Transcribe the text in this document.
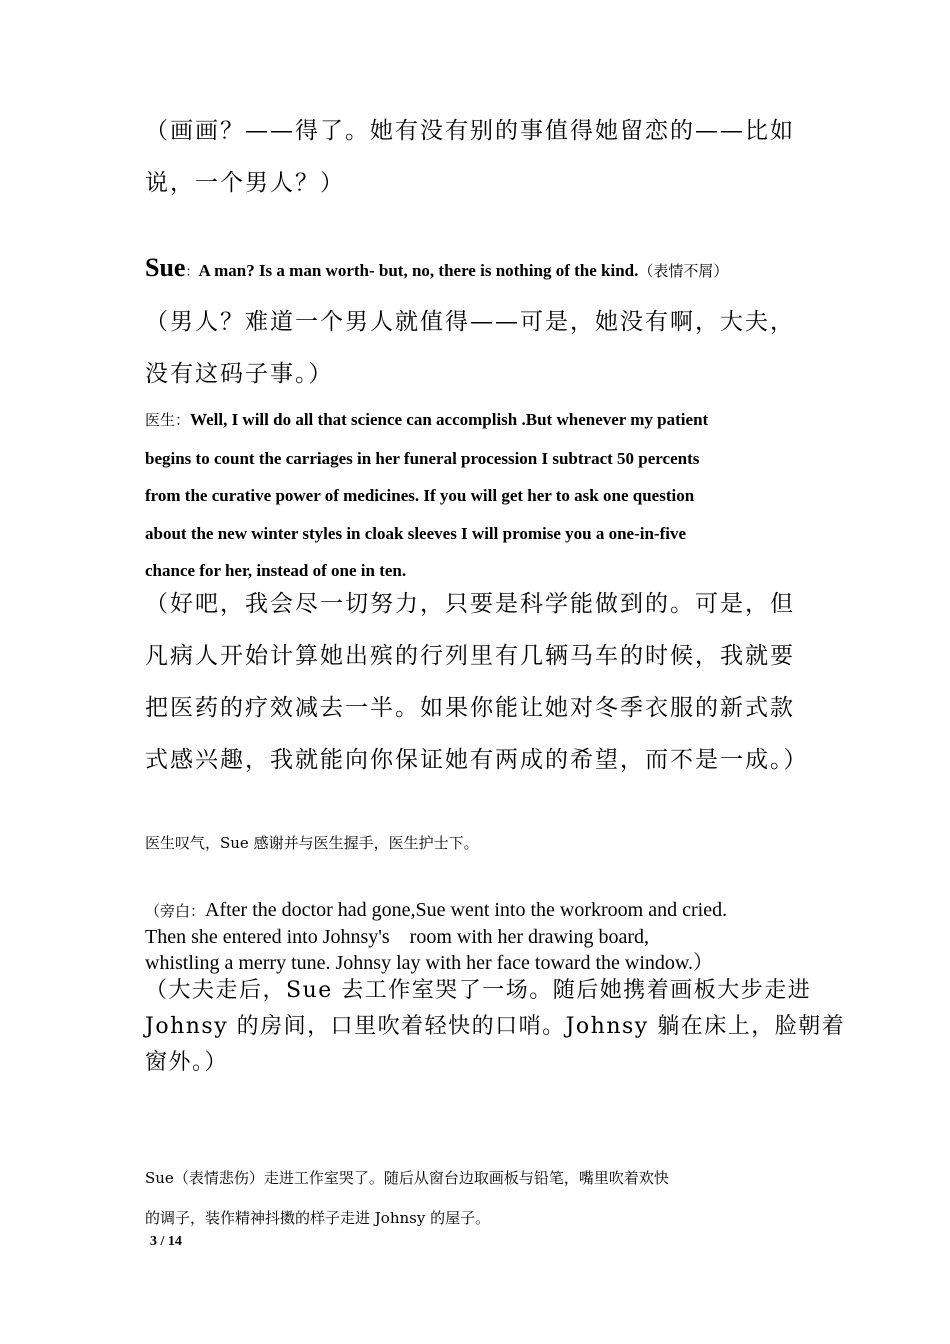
（画画？——得了。她有没有别的事值得她留恋的——比如
说，一个男人？）
Sue：A man? Is a man worth- but, no, there is nothing of the kind.（表情不屑）
（男人？难道一个男人就值得——可是，她没有啊，大夫，
没有这码子事。）
医生：Well, I will do all that science can accomplish .But whenever my patient
begins to count the carriages in her funeral procession I subtract 50 percents
from the curative power of medicines. If you will get her to ask one question
about the new winter styles in cloak sleeves I will promise you a one-in-five
chance for her, instead of one in ten.
（好吧，我会尽一切努力，只要是科学能做到的。可是，但
凡病人开始计算她出殡的行列里有几辆马车的时候，我就要
把医药的疗效减去一半。如果你能让她对冬季衣服的新式款
式感兴趣，我就能向你保证她有两成的希望，而不是一成。）
医生叹气，Sue 感谢并与医生握手，医生护士下。
（旁白：After the doctor had gone,Sue went into the workroom and cried.
Then she entered into Johnsy's    room with her drawing board,
whistling a merry tune. Johnsy lay with her face toward the window.）
（大夫走后，Sue 去工作室哭了一场。随后她携着画板大步走进
Johnsy 的房间，口里吹着轻快的口哨。Johnsy 躺在床上，脸朝着
窗外。）
Sue（表情悲伤）走进工作室哭了。随后从窗台边取画板与铅笔，嘴里吹着欢快
的调子，装作精神抖擞的样子走进 Johnsy 的屋子。
3 / 14
